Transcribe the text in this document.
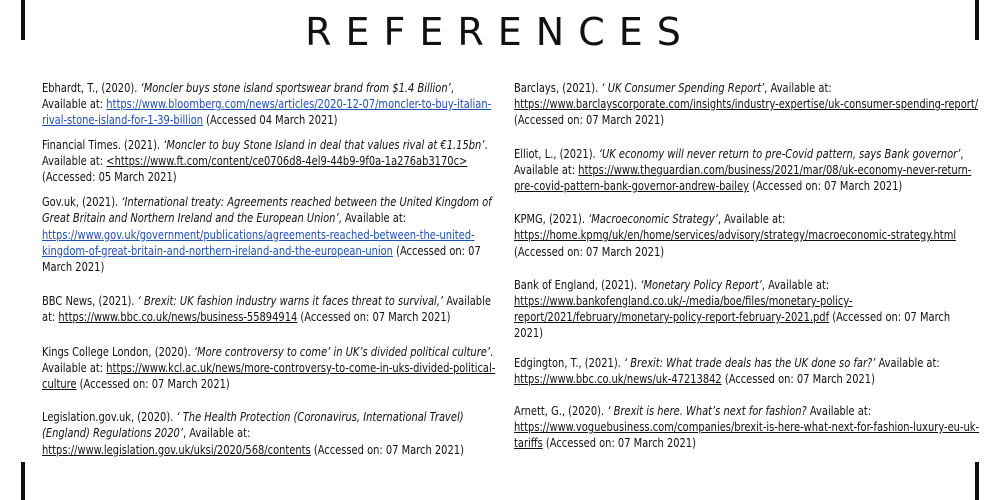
REFERENCES

Ebhardt, T., (2020). ‘Moncler buys stone island sportswear brand from $1.4 Billion’, Available at: https://www.bloomberg.com/news/articles/2020-12-07/moncler-to-buy-italian-rival-stone-island-for-1-39-billion (Accessed 04 March 2021)

Financial Times. (2021). ‘Moncler to buy Stone Island in deal that values rival at €1.15bn’. Available at: <https://www.ft.com/content/ce0706d8-4el9-44b9-9f0a-1a276ab3170c> (Accessed: 05 March 2021)

Gov.uk, (2021). ‘International treaty: Agreements reached between the United Kingdom of Great Britain and Northern Ireland and the European Union’, Available at: https://www.gov.uk/government/publications/agreements-reached-between-the-united-kingdom-of-great-britain-and-northern-ireland-and-the-european-union (Accessed on: 07 March 2021)

BBC News, (2021). ‘ Brexit: UK fashion industry warns it faces threat to survival,’ Available at: https://www.bbc.co.uk/news/business-55894914 (Accessed on: 07 March 2021)

Kings College London, (2020). ‘More controversy to come’ in UK’s divided political culture’. Available at: https://www.kcl.ac.uk/news/more-controversy-to-come-in-uks-divided-political-culture (Accessed on: 07 March 2021)

Legislation.gov.uk, (2020). ‘ The Health Protection (Coronavirus, International Travel) (England) Regulations 2020’, Available at: https://www.legislation.gov.uk/uksi/2020/568/contents (Accessed on: 07 March 2021)

Barclays, (2021). ‘ UK Consumer Spending Report’, Available at: https://www.barclayscorporate.com/insights/industry-expertise/uk-consumer-spending-report/ (Accessed on: 07 March 2021)

Elliot, L., (2021). ‘UK economy will never return to pre-Covid pattern, says Bank governor’, Available at: https://www.theguardian.com/business/2021/mar/08/uk-economy-never-return-pre-covid-pattern-bank-governor-andrew-bailey (Accessed on: 07 March 2021)

KPMG, (2021). ‘Macroeconomic Strategy’, Available at: https://home.kpmg/uk/en/home/services/advisory/strategy/macroeconomic-strategy.html (Accessed on: 07 March 2021)

Bank of England, (2021). ‘Monetary Policy Report’, Available at: https://www.bankofengland.co.uk/-/media/boe/files/monetary-policy-report/2021/february/monetary-policy-report-february-2021.pdf (Accessed on: 07 March 2021)

Edgington, T., (2021). ‘ Brexit: What trade deals has the UK done so far?’ Available at: https://www.bbc.co.uk/news/uk-47213842 (Accessed on: 07 March 2021)

Arnett, G., (2020). ‘ Brexit is here. What’s next for fashion? Available at: https://www.voguebusiness.com/companies/brexit-is-here-what-next-for-fashion-luxury-eu-uk-tariffs (Accessed on: 07 March 2021)
